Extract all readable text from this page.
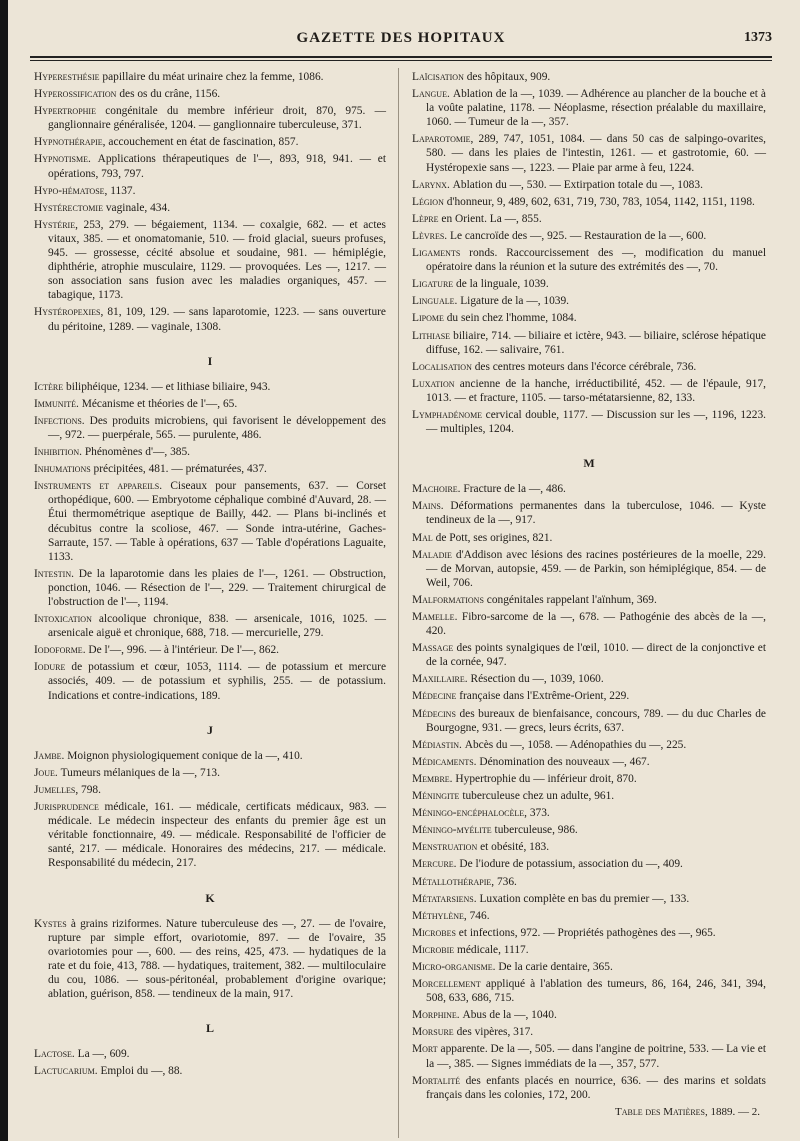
GAZETTE DES HOPITAUX	1373
Hyperesthésie papillaire du méat urinaire chez la femme, 1086.
Hyperossification des os du crâne, 1156.
Hypertrophie congénitale du membre inférieur droit, 870, 975. — ganglionnaire généralisée, 1204. — ganglionnaire tuberculeuse, 371.
Hypnothérapie, accouchement en état de fascination, 857.
Hypnotisme. Applications thérapeutiques de l'—, 893, 918, 941. — et opérations, 793, 797.
Hypo-hématose, 1137.
Hystérectomie vaginale, 434.
Hystérie, 253, 279. — bégaiement, 1134. — coxalgie, 682. — et actes vitaux, 385. — et onomatomanie, 510. — froid glacial, sueurs profuses, 945. — grossesse, cécité absolue et soudaine, 981. — hémiplégie, diphthérie, atrophie musculaire, 1129. — provoquées. Les —, 1217. — son association sans fusion avec les maladies organiques, 457. — tabagique, 1173.
Hystéropexies, 81, 109, 129. — sans laparotomie, 1223. — sans ouverture du péritoine, 1289. — vaginale, 1308.
I
Ictère biliphéique, 1234. — et lithiase biliaire, 943.
Immunité. Mécanisme et théories de l'—, 65.
Infections. Des produits microbiens, qui favorisent le développement des —, 972. — puerpérale, 565. — purulente, 486.
Inhibition. Phénomènes d'—, 385.
Inhumations précipitées, 481. — prématurées, 437.
Instruments et appareils. Ciseaux pour pansements, 637. — Corset orthopédique, 600. — Embryotome céphalique combiné d'Auvard, 28. — Étui thermométrique aseptique de Bailly, 442. — Plans bi-inclinés et décubitus contre la scoliose, 467. — Sonde intra-utérine, Gaches-Sarraute, 157. — Table à opérations, 637 — Table d'opérations Laguaite, 1133.
Intestin. De la laparotomie dans les plaies de l'—, 1261. — Obstruction, ponction, 1046. — Résection de l'—, 229. — Traitement chirurgical de l'obstruction de l'—, 1194.
Intoxication alcoolique chronique, 838. — arsenicale, 1016, 1025. — arsenicale aiguë et chronique, 688, 718. — mercurielle, 279.
Iodoforme. De l'—, 996. — à l'intérieur. De l'—, 862.
Iodure de potassium et cœur, 1053, 1114. — de potassium et mercure associés, 409. — de potassium et syphilis, 255. — de potassium. Indications et contre-indications, 189.
J
Jambe. Moignon physiologiquement conique de la —, 410.
Joue. Tumeurs mélaniques de la —, 713.
Jumelles, 798.
Jurisprudence médicale, 161. — médicale, certificats médicaux, 983. — médicale. Le médecin inspecteur des enfants du premier âge est un véritable fonctionnaire, 49. — médicale. Responsabilité de l'officier de santé, 217. — médicale. Honoraires des médecins, 217. — médicale. Responsabilité du médecin, 217.
K
Kystes à grains riziformes. Nature tuberculeuse des —, 27. — de l'ovaire, rupture par simple effort, ovariotomie, 897. — de l'ovaire, 35 ovariotomies pour —, 600. — des reins, 425, 473. — hydatiques de la rate et du foie, 413, 788. — hydatiques, traitement, 382. — multiloculaire du cou, 1086. — sous-péritonéal, probablement d'origine ovarique; ablation, guérison, 858. — tendineux de la main, 917.
L
Lactose. La —, 609.
Lactucarium. Emploi du —, 88.
Laïcisation des hôpitaux, 909.
Langue. Ablation de la —, 1039. — Adhérence au plancher de la bouche et à la voûte palatine, 1178. — Néoplasme, résection préalable du maxillaire, 1060. — Tumeur de la —, 357.
Laparotomie, 289, 747, 1051, 1084. — dans 50 cas de salpingo-ovarites, 580. — dans les plaies de l'intestin, 1261. — et gastrotomie, 60. — Hystéropexie sans —, 1223. — Plaie par arme à feu, 1224.
Larynx. Ablation du —, 530. — Extirpation totale du —, 1083.
Légion d'honneur, 9, 489, 602, 631, 719, 730, 783, 1054, 1142, 1151, 1198.
Lèpre en Orient. La —, 855.
Lèvres. Le cancroïde des —, 925. — Restauration de la —, 600.
Ligaments ronds. Raccourcissement des —, modification du manuel opératoire dans la réunion et la suture des extrémités des —, 70.
Ligature de la linguale, 1039.
Linguale. Ligature de la —, 1039.
Lipome du sein chez l'homme, 1084.
Lithiase biliaire, 714. — biliaire et ictère, 943. — biliaire, sclérose hépatique diffuse, 162. — salivaire, 761.
Localisation des centres moteurs dans l'écorce cérébrale, 736.
Luxation ancienne de la hanche, irréductibilité, 452. — de l'épaule, 917, 1013. — et fracture, 1105. — tarso-métatarsienne, 82, 133.
Lymphadénome cervical double, 1177. — Discussion sur les —, 1196, 1223. — multiples, 1204.
M
Machoire. Fracture de la —, 486.
Mains. Déformations permanentes dans la tuberculose, 1046. — Kyste tendineux de la —, 917.
Mal de Pott, ses origines, 821.
Maladie d'Addison avec lésions des racines postérieures de la moelle, 229. — de Morvan, autopsie, 459. — de Parkin, son hémiplégique, 854. — de Weil, 706.
Malformations congénitales rappelant l'aïnhum, 369.
Mamelle. Fibro-sarcome de la —, 678. — Pathogénie des abcès de la —, 420.
Massage des points synalgiques de l'œil, 1010. — direct de la conjonctive et de la cornée, 947.
Maxillaire. Résection du —, 1039, 1060.
Médecine française dans l'Extrême-Orient, 229.
Médecins des bureaux de bienfaisance, concours, 789. — du duc Charles de Bourgogne, 931. — grecs, leurs écrits, 637.
Médiastin. Abcès du —, 1058. — Adénopathies du —, 225.
Médicaments. Dénomination des nouveaux —, 467.
Membre. Hypertrophie du — inférieur droit, 870.
Méningite tuberculeuse chez un adulte, 961.
Méningo-encéphalocèle, 373.
Méningo-myélite tuberculeuse, 986.
Menstruation et obésité, 183.
Mercure. De l'iodure de potassium, association du —, 409.
Métallothérapie, 736.
Métatarsiens. Luxation complète en bas du premier —, 133.
Méthylène, 746.
Microbes et infections, 972. — Propriétés pathogènes des —, 965.
Microbie médicale, 1117.
Micro-organisme. De la carie dentaire, 365.
Morcellement appliqué à l'ablation des tumeurs, 86, 164, 246, 341, 394, 508, 633, 686, 715.
Morphine. Abus de la —, 1040.
Morsure des vipères, 317.
Mort apparente. De la —, 505. — dans l'angine de poitrine, 533. — La vie et la —, 385. — Signes immédiats de la —, 357, 577.
Mortalité des enfants placés en nourrice, 636. — des marins et soldats français dans les colonies, 172, 200.
Table des Matières, 1889. — 2.
